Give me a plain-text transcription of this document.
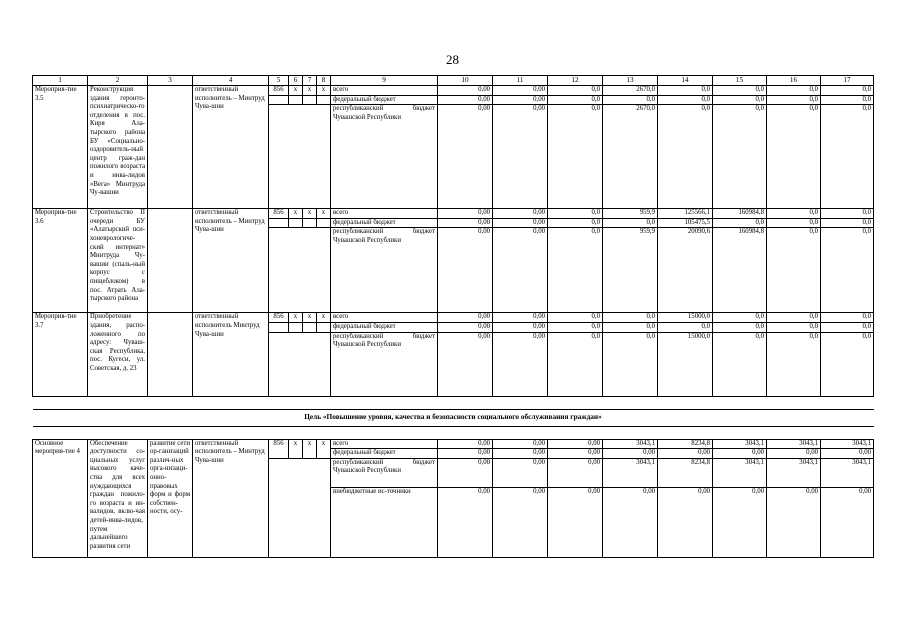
28
1	2	3	4	5	6	7	8	9	10	11	12	13	14	15	16	17
Мероприя-тие 3.5	Реконструкция здания геронто-психиатрическо-го отделения в пос. Киря Ала-тырского района БУ «Социально-оздоровитель-ный центр граж-дан пожилого возраста и инва-лидов «Вега» Минтруда Чу-вашии		ответственный исполнитель – Минтруд Чува-шии	856	x	x	x	всего	0,00	0,00	0,0	2670,0	0,0	0,0	0,0	0,0
								федеральный бюджет	0,00	0,00	0,0	0,0	0,0	0,0	0,0	0,0
								республиканский бюджет Чувашской Республики	0,00	0,00	0,0	2670,0	0,0	0,0	0,0	0,0
Мероприя-тие 3.6	Строительство II очереди БУ «Алатырский пси-хоневрологиче-ский интернат» Минтруда Чу-вашии (спаль-ный корпус с пищеблоком) в пос. Атрать Ала-тырского района		ответственный исполнитель – Минтруд Чува-шии	856	x	x	x	всего	0,00	0,00	0,0	959,9	125566,1	160984,8	0,0	0,0
								федеральный бюджет	0,00	0,00	0,0	0,0	105475,5	0,0	0,0	0,0
								республиканский бюджет Чувашской Республики	0,00	0,00	0,0	959,9	20090,6	160984,8	0,0	0,0
Мероприя-тие 3.7	Приобретение здания, распо-ложенного по адресу: Чуваш-ская Республика, пос. Кугеси, ул. Советская, д. 23		ответственный исполнитель Минтруд Чува-шии	856	x	x	x	всего	0,00	0,00	0,0	0,0	15000,0	0,0	0,0	0,0
								федеральный бюджет	0,00	0,00	0,0	0,0	0,0	0,0	0,0	0,0
								республиканский бюджет Чувашской Республики	0,00	0,00	0,0	0,0	15000,0	0,0	0,0	0,0

Цель «Повышение уровня, качества и безопасности социального обслуживания граждан»																

Основное мероприя-тие 4	Обеспечение доступности со-циальных услуг высокого каче-ства для всех нуждающихся граждан пожило-го возраста и ин-валидов, вклю-чая детей-инва-лидов, путем дальнейшего развития сети	развитие сети ор-ганизаций различ-ных орга-низаци-онно-правовых форм и форм собствен-ности, осу-	ответственный исполнитель – Минтруд Чува-шии	856	x	x	x	всего	0,00	0,00	0,00	3043,1	8234,8	3043,1	3043,1	3043,1
								федеральный бюджет	0,00	0,00	0,00	0,00	0,00	0,00	0,00	0,00
								республиканский бюджет Чувашской Республики	0,00	0,00	0,00	3043,1	8234,8	3043,1	3043,1	3043,1
								внебюджетные ис-точники	0,00	0,00	0,00	0,00	0,00	0,00	0,00	0,00
